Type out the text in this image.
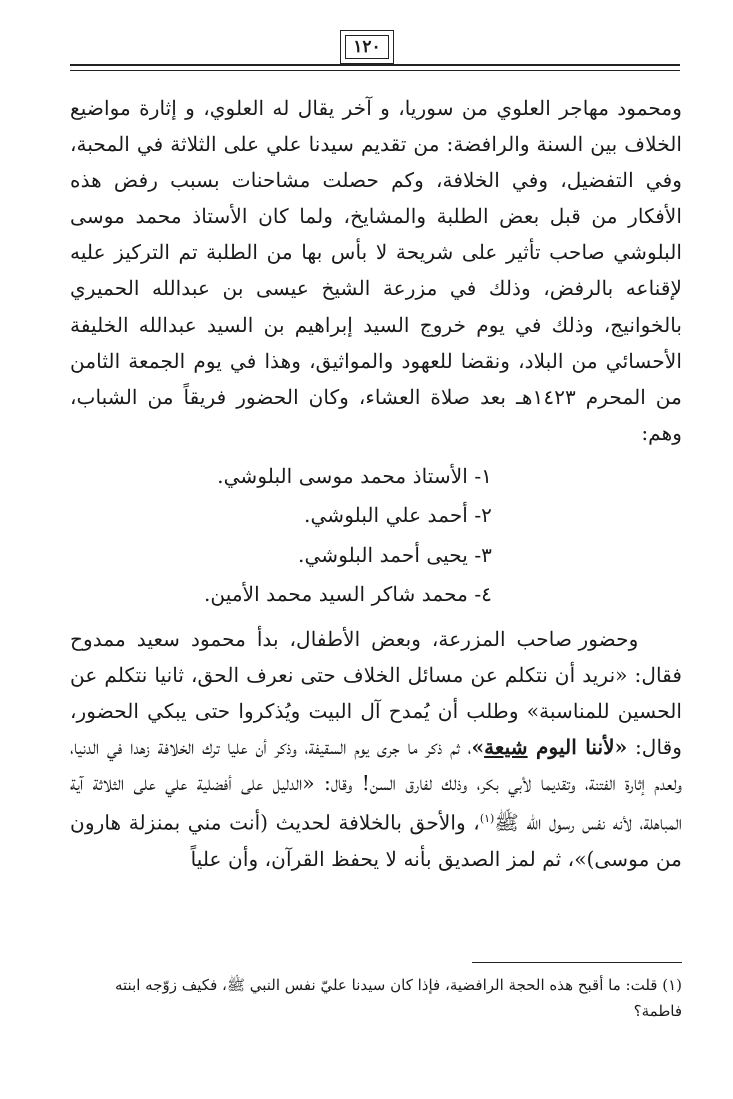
١٢٠

ومحمود مهاجر العلوي من سوريا، و آخر يقال له العلوي، و إثارة مواضيع الخلاف بين السنة والرافضة: من تقديم سيدنا علي على الثلاثة في المحبة، وفي التفضيل، وفي الخلافة، وكم حصلت مشاحنات بسبب رفض هذه الأفكار من قبل بعض الطلبة والمشايخ، ولما كان الأستاذ محمد موسى البلوشي صاحب تأثير على شريحة لا بأس بها من الطلبة تم التركيز عليه لإقناعه بالرفض، وذلك في مزرعة الشيخ عيسى بن عبدالله الحميري بالخوانيج، وذلك في يوم خروج السيد إبراهيم بن السيد عبدالله الخليفة الأحسائي من البلاد، ونقضا للعهود والمواثيق، وهذا في يوم الجمعة الثامن من المحرم ١٤٢٣هـ بعد صلاة العشاء، وكان الحضور فريقاً من الشباب، وهم:

١- الأستاذ محمد موسى البلوشي.
٢- أحمد علي البلوشي.
٣- يحيى أحمد البلوشي.
٤- محمد شاكر السيد محمد الأمين.

وحضور صاحب المزرعة، وبعض الأطفال، بدأ محمود سعيد ممدوح فقال: «نريد أن نتكلم عن مسائل الخلاف حتى نعرف الحق، ثانيا نتكلم عن الحسين للمناسبة» وطلب أن يُمدح آل البيت ويُذكروا حتى يبكي الحضور، وقال: «لأننا اليوم شيعة»، ثم ذكر ما جرى يوم السقيفة، وذكر أن عليا ترك الخلافة زهدا في الدنيا، ولعدم إثارة الفتنة، وتقديما لأبي بكر، وذلك لفارق السن! وقال: «الدليل على أفضلية علي على الثلاثة آية المباهلة، لأنه نفس رسول الله ﷺ$^{(١)}$، والأحق بالخلافة لحديث (أنت مني بمنزلة هارون من موسى)»، ثم لمز الصديق بأنه لا يحفظ القرآن، وأن علياً

(١) قلت: ما أقبح هذه الحجة الرافضية، فإذا كان سيدنا عليّ نفس النبي ﷺ، فكيف زوّجه ابنته فاطمة؟
